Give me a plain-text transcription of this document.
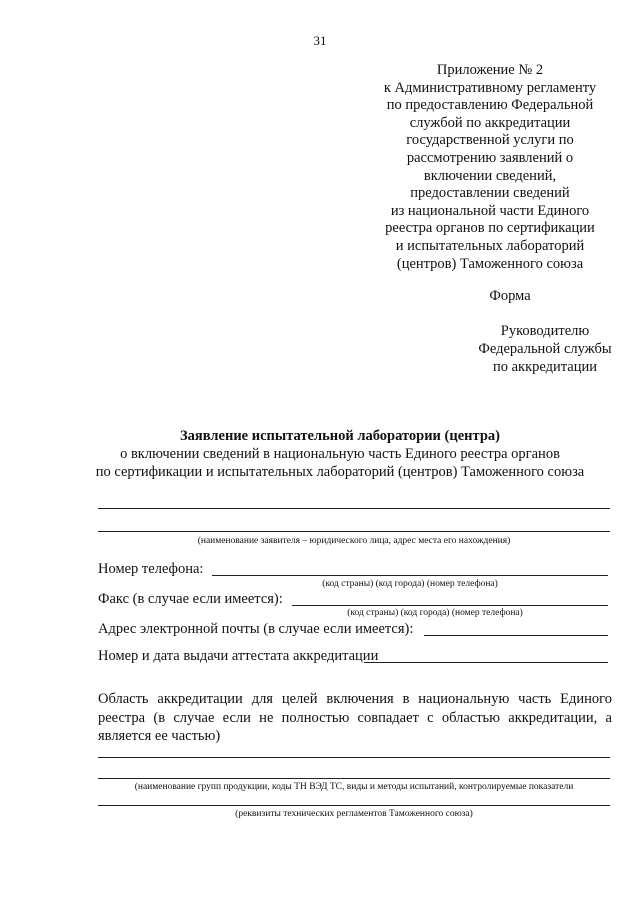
31
Приложение № 2
к Административному регламенту
по предоставлению Федеральной
службой по аккредитации
государственной услуги по
рассмотрению заявлений о
включении сведений,
предоставлении сведений
из национальной части Единого
реестра органов по сертификации
и испытательных лабораторий
(центров) Таможенного союза
Форма
Руководителю
Федеральной службы
по аккредитации
Заявление испытательной лаборатории (центра)
о включении сведений в национальную часть Единого реестра органов
по сертификации и испытательных лабораторий (центров) Таможенного союза
(наименование заявителя – юридического лица, адрес места его нахождения)
Номер телефона:
(код страны) (код города) (номер телефона)
Факс (в случае если имеется):
(код страны) (код города) (номер телефона)
Адрес электронной почты (в случае если имеется):
Номер и дата выдачи аттестата аккредитации
Область аккредитации для целей включения в национальную часть Единого реестра (в случае если не полностью совпадает с областью аккредитации, а является ее частью)
(наименование групп продукции, коды ТН ВЭД ТС, виды и методы испытаний, контролируемые показатели
(реквизиты технических регламентов Таможенного союза)
